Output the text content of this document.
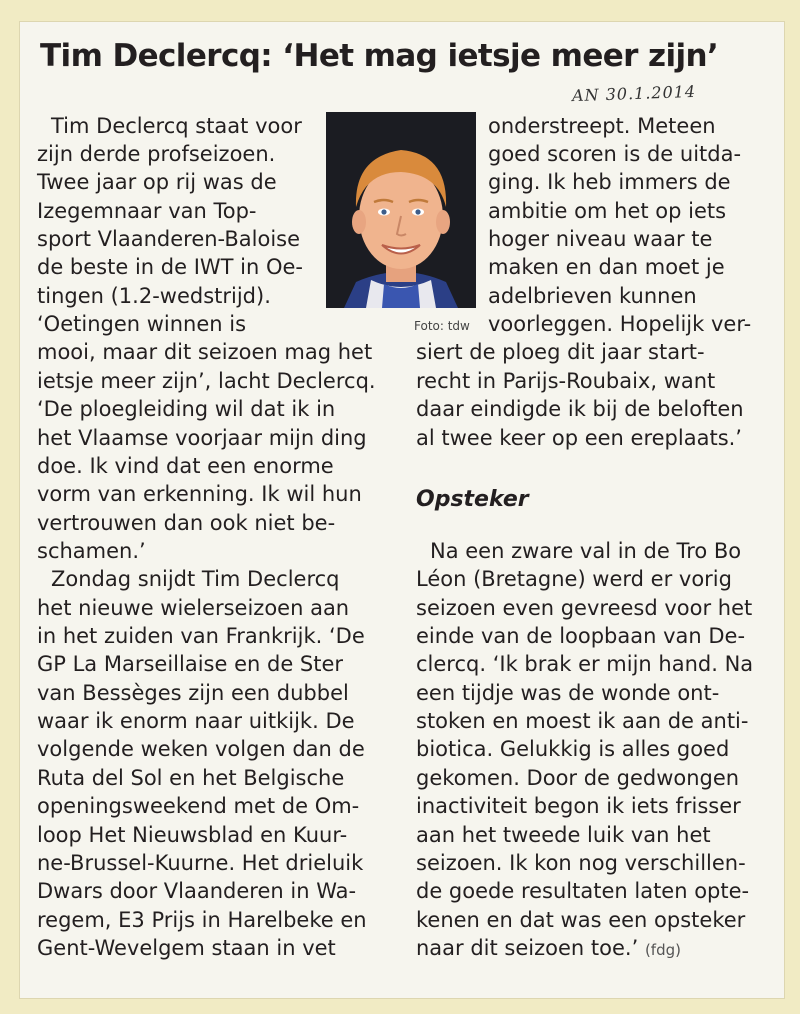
Tim Declercq: ‘Het mag ietsje meer zijn’
AN 30.1.2014
Foto: tdw
Opsteker

Tim Declercq staat voor

zijn derde profseizoen.

Twee jaar op rij was de

Izegemnaar van Top-

sport Vlaanderen-Baloise

de beste in de IWT in Oe-

tingen (1.2-wedstrijd).

‘Oetingen winnen is

mooi, maar dit seizoen mag het

ietsje meer zijn’, lacht Declercq.

‘De ploegleiding wil dat ik in

het Vlaamse voorjaar mijn ding

doe. Ik vind dat een enorme

vorm van erkenning. Ik wil hun

vertrouwen dan ook niet be-

schamen.’

Zondag snijdt Tim Declercq

het nieuwe wielerseizoen aan

in het zuiden van Frankrijk. ‘De

GP La Marseillaise en de Ster

van Bessèges zijn een dubbel

waar ik enorm naar uitkijk. De

volgende weken volgen dan de

Ruta del Sol en het Belgische

openingsweekend met de Om-

loop Het Nieuwsblad en Kuur-

ne-Brussel-Kuurne. Het drieluik

Dwars door Vlaanderen in Wa-

regem, E3 Prijs in Harelbeke en

Gent-Wevelgem staan in vet

onderstreept. Meteen

goed scoren is de uitda-

ging. Ik heb immers de

ambitie om het op iets

hoger niveau waar te

maken en dan moet je

adelbrieven kunnen

voorleggen. Hopelijk ver-

siert de ploeg dit jaar start-

recht in Parijs-Roubaix, want

daar eindigde ik bij de beloften

al twee keer op een ereplaats.’

Na een zware val in de Tro Bo

Léon (Bretagne) werd er vorig

seizoen even gevreesd voor het

einde van de loopbaan van De-

clercq. ‘Ik brak er mijn hand. Na

een tijdje was de wonde ont-

stoken en moest ik aan de anti-

biotica. Gelukkig is alles goed

gekomen. Door de gedwongen

inactiviteit begon ik iets frisser

aan het tweede luik van het

seizoen. Ik kon nog verschillen-

de goede resultaten laten opte-

kenen en dat was een opsteker

naar dit seizoen toe.’ (fdg)
